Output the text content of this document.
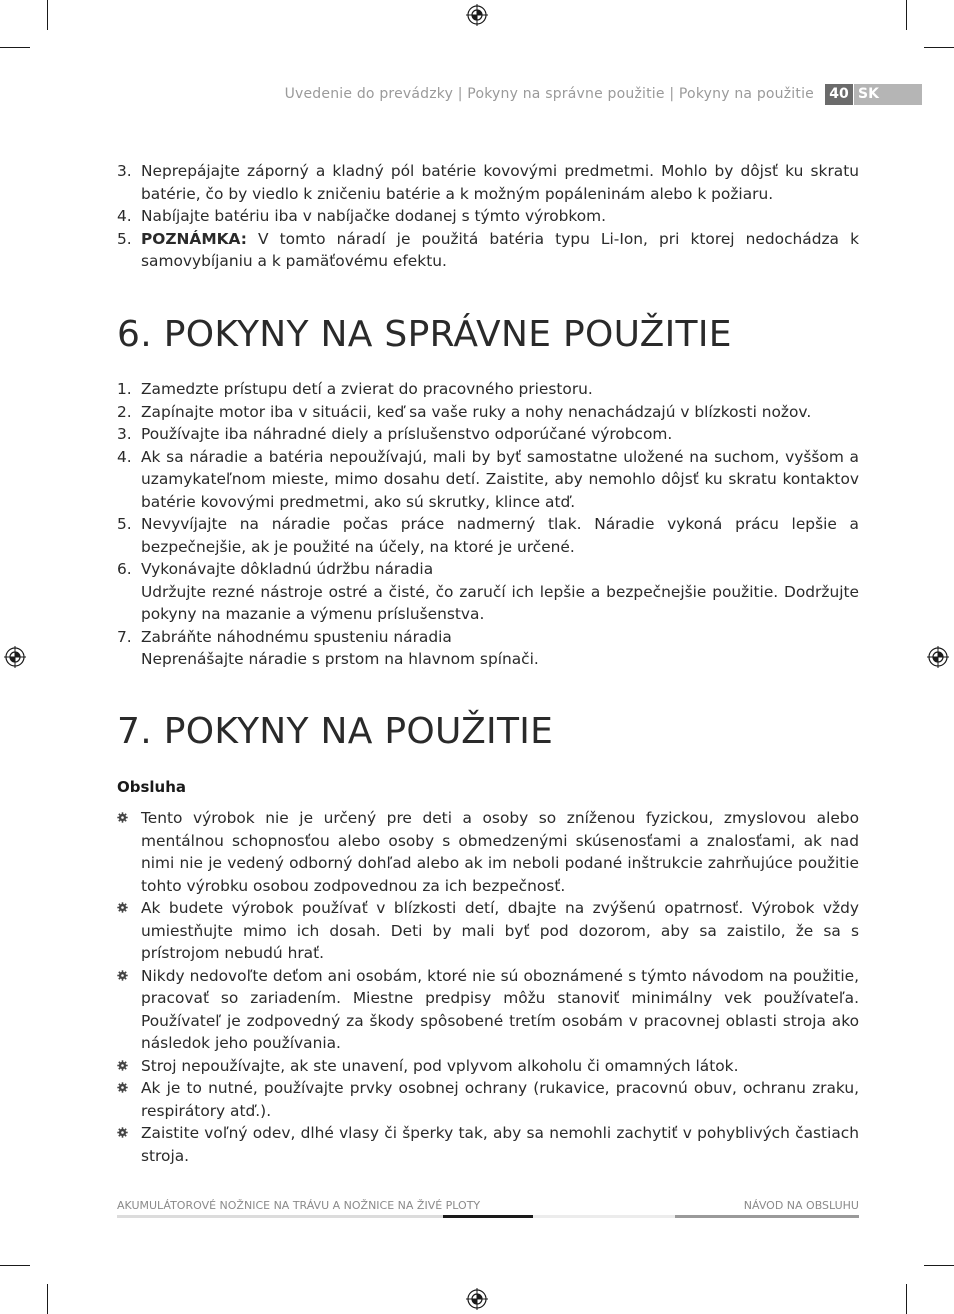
Uvedenie do prevádzky | Pokyny na správne použitie | Pokyny na použitie	40 SK
3. Neprepájajte záporný a kladný pól batérie kovovými predmetmi. Mohlo by dôjsť ku skratu batérie, čo by viedlo k zničeniu batérie a k možným popáleninám alebo k požiaru.
4. Nabíjajte batériu iba v nabíjačke dodanej s týmto výrobkom.
5. POZNÁMKA: V tomto náradí je použitá batéria typu Li-Ion, pri ktorej nedochádza k samovybíjaniu a k pamäťovému efektu.
6. POKYNY NA SPRÁVNE POUŽITIE
1. Zamedzte prístupu detí a zvierat do pracovného priestoru.
2. Zapínajte motor iba v situácii, keď sa vaše ruky a nohy nenachádzajú v blízkosti nožov.
3. Používajte iba náhradné diely a príslušenstvo odporúčané výrobcom.
4. Ak sa náradie a batéria nepoužívajú, mali by byť samostatne uložené na suchom, vyššom a uzamykateľnom mieste, mimo dosahu detí. Zaistite, aby nemohlo dôjsť ku skratu kontaktov batérie kovovými predmetmi, ako sú skrutky, klince atď.
5. Nevyvíjajte na náradie počas práce nadmerný tlak. Náradie vykoná prácu lepšie a bezpečnejšie, ak je použité na účely, na ktoré je určené.
6. Vykonávajte dôkladnú údržbu náradia
Udržujte rezné nástroje ostré a čisté, čo zaručí ich lepšie a bezpečnejšie použitie. Dodržujte pokyny na mazanie a výmenu príslušenstva.
7. Zabráňte náhodnému spusteniu náradia
Neprenášajte náradie s prstom na hlavnom spínači.
7. POKYNY NA POUŽITIE
Obsluha
Tento výrobok nie je určený pre deti a osoby so zníženou fyzickou, zmyslovou alebo mentálnou schopnosťou alebo osoby s obmedzenými skúsenosťami a znalosťami, ak nad nimi nie je vedený odborný dohľad alebo ak im neboli podané inštrukcie zahrňujúce použitie tohto výrobku osobou zodpovednou za ich bezpečnosť.
Ak budete výrobok používať v blízkosti detí, dbajte na zvýšenú opatrnosť. Výrobok vždy umiestňujte mimo ich dosah. Deti by mali byť pod dozorom, aby sa zaistilo, že sa s prístrojom nebudú hrať.
Nikdy nedovoľte deťom ani osobám, ktoré nie sú oboznámené s týmto návodom na použitie, pracovať so zariadením. Miestne predpisy môžu stanoviť minimálny vek používateľa. Používateľ je zodpovedný za škody spôsobené tretím osobám v pracovnej oblasti stroja ako následok jeho používania.
Stroj nepoužívajte, ak ste unavení, pod vplyvom alkoholu či omamných látok.
Ak je to nutné, používajte prvky osobnej ochrany (rukavice, pracovnú obuv, ochranu zraku, respirátory atď.).
Zaistite voľný odev, dlhé vlasy či šperky tak, aby sa nemohli zachytiť v pohyblivých častiach stroja.
AKUMULÁTOROVÉ NOŽNICE NA TRÁVU A NOŽNICE NA ŽIVÉ PLOTY	NÁVOD NA OBSLUHU
